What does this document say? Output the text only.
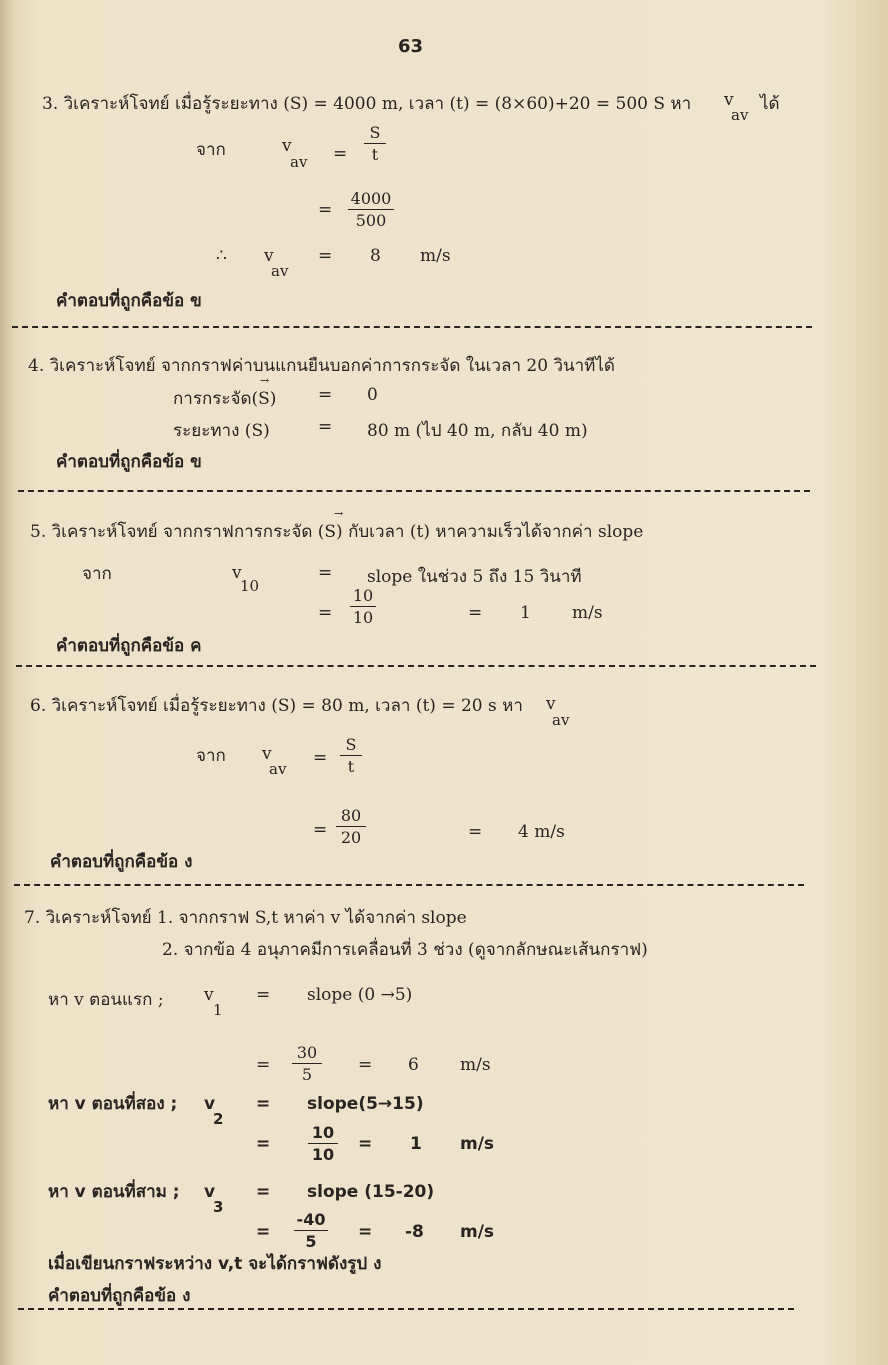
63
3. วิเคราะห์โจทย์ เมื่อรู้ระยะทาง (S) = 4000 m, เวลา (t) = (8×60)+20 = 500 S หา v
av
ได้
จาก	v
av = $\frac{S}{t}$
= $\frac{4000}{500}$
∴ v
av
= 8 m/s
คำตอบที่ถูกคือข้อ ข
4. วิเคราะห์โจทย์ จากกราฟค่าบนแกนยืนบอกค่าการกระจัด ในเวลา 20 วินาทีได้
การกระจัด(S)
→
= 0
ระยะทาง (S)	= 80 m (ไป 40 m, กลับ 40 m)
คำตอบที่ถูกคือข้อ ข
5. วิเคราะห์โจทย์ จากกราฟการกระจัด (S) กับเวลา (t) หาความเร็วได้จากค่า slope
→
จาก	v
10
= slope ในช่วง 5 ถึง 15 วินาที
= $\frac{10}{10}$	= 1 m/s
คำตอบที่ถูกคือข้อ ค
6. วิเคราะห์โจทย์ เมื่อรู้ระยะทาง (S) = 80 m, เวลา (t) = 20 s หา v
av
จาก v
av
= $\frac{S}{t}$
= $\frac{80}{20}$	= 4 m/s
คำตอบที่ถูกคือข้อ ง
7. วิเคราะห์โจทย์ 1. จากกราฟ S,t หาค่า v ได้จากค่า slope
2. จากข้อ 4 อนุภาคมีการเคลื่อนที่ 3 ช่วง (ดูจากลักษณะเส้นกราฟ)
หา v ตอนแรก ; v
1
= slope (0 →5)
= $\frac{30}{5} = 6$ m/s
หา v ตอนที่สอง ; v
2
= slope(5→15)
= $\frac{10}{10} = 1$ m/s
หา v ตอนที่สาม ; v
3
= slope (15-20)
= $\frac{-40}{5} = -8$ m/s
เมื่อเขียนกราฟระหว่าง v,t จะได้กราฟดังรูป ง
คำตอบที่ถูกคือข้อ ง
